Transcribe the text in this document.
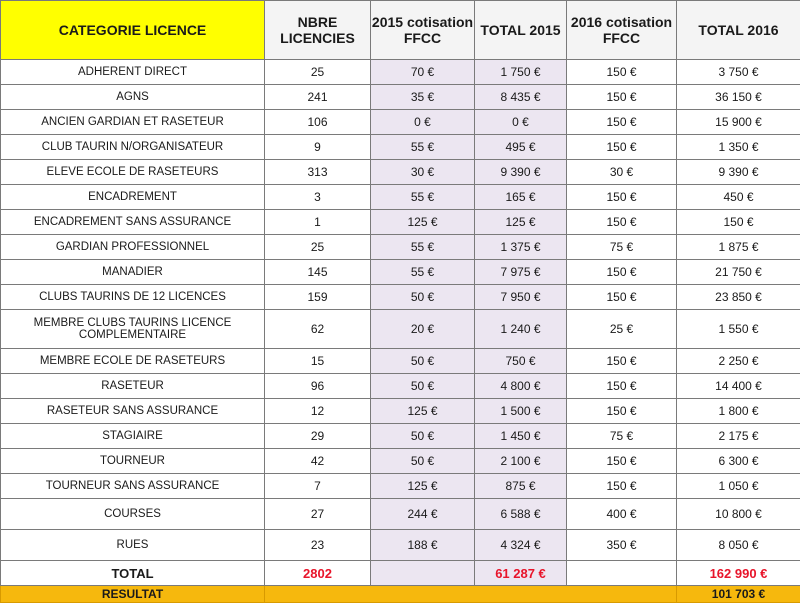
CATEGORIE LICENCE	NBRE LICENCIES	2015 cotisation FFCC	TOTAL 2015	2016 cotisation FFCC	TOTAL 2016
ADHERENT DIRECT	25	70 €	1 750 €	150 €	3 750 €
AGNS	241	35 €	8 435 €	150 €	36 150 €
ANCIEN GARDIAN ET RASETEUR	106	0 €	0 €	150 €	15 900 €
CLUB TAURIN N/ORGANISATEUR	9	55 €	495 €	150 €	1 350 €
ELEVE ECOLE DE RASETEURS	313	30 €	9 390 €	30 €	9 390 €
ENCADREMENT	3	55 €	165 €	150 €	450 €
ENCADREMENT SANS ASSURANCE	1	125 €	125 €	150 €	150 €
GARDIAN PROFESSIONNEL	25	55 €	1 375 €	75 €	1 875 €
MANADIER	145	55 €	7 975 €	150 €	21 750 €
CLUBS TAURINS DE 12 LICENCES	159	50 €	7 950 €	150 €	23 850 €
MEMBRE CLUBS TAURINS LICENCE COMPLEMENTAIRE	62	20 €	1 240 €	25 €	1 550 €
MEMBRE ECOLE DE RASETEURS	15	50 €	750 €	150 €	2 250 €
RASETEUR	96	50 €	4 800 €	150 €	14 400 €
RASETEUR SANS ASSURANCE	12	125 €	1 500 €	150 €	1 800 €
STAGIAIRE	29	50 €	1 450 €	75 €	2 175 €
TOURNEUR	42	50 €	2 100 €	150 €	6 300 €
TOURNEUR SANS ASSURANCE	7	125 €	875 €	150 €	1 050 €
COURSES	27	244 €	6 588 €	400 €	10 800 €
RUES	23	188 €	4 324 €	350 €	8 050 €
TOTAL	2802		61 287 €		162 990 €
RESULTAT					101 703 €
